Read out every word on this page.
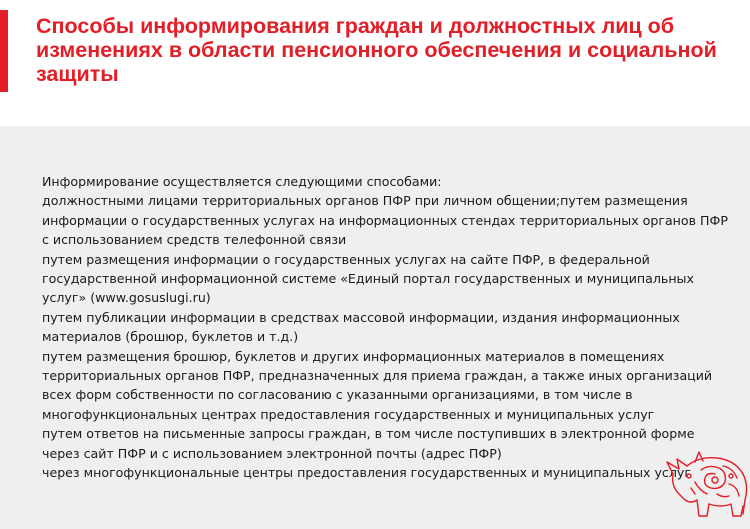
Способы информирования граждан и должностных лиц об изменениях в области пенсионного обеспечения и социальной защиты
Информирование осуществляется следующими способами:
должностными лицами территориальных органов ПФР при личном общении;путем размещения информации о государственных услугах на информационных стендах территориальных органов ПФР
с использованием средств телефонной связи
путем размещения информации о государственных услугах на сайте ПФР, в федеральной государственной информационной системе «Единый портал государственных и муниципальных услуг» (www.gosuslugi.ru)
путем публикации информации в средствах массовой информации, издания информационных материалов (брошюр, буклетов и т.д.)
путем размещения брошюр, буклетов и других информационных материалов в помещениях территориальных органов ПФР, предназначенных для приема граждан, а также иных организаций всех форм собственности по согласованию с указанными организациями, в том числе в многофункциональных центрах предоставления государственных и муниципальных услуг
путем ответов на письменные запросы граждан, в том числе поступивших в электронной форме через сайт ПФР и с использованием электронной почты (адрес ПФР)
через многофункциональные центры предоставления государственных и муниципальных услуг
